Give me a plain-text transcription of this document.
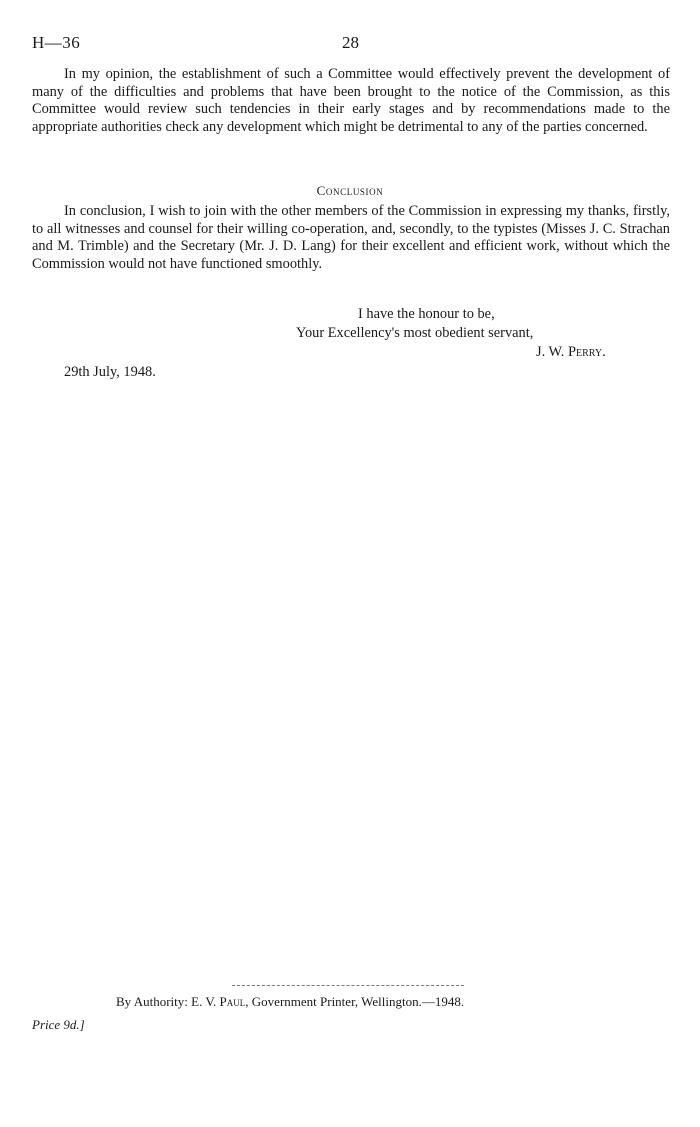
H—36	28

In my opinion, the establishment of such a Committee would effectively prevent the development of many of the difficulties and problems that have been brought to the notice of the Commission, as this Committee would review such tendencies in their early stages and by recommendations made to the appropriate authorities check any development which might be detrimental to any of the parties concerned.

Conclusion

In conclusion, I wish to join with the other members of the Commission in expressing my thanks, firstly, to all witnesses and counsel for their willing co-operation, and, secondly, to the typistes (Misses J. C. Strachan and M. Trimble) and the Secretary (Mr. J. D. Lang) for their excellent and efficient work, without which the Commission would not have functioned smoothly.

I have the honour to be,
Your Excellency's most obedient servant,
J. W. Perry.
29th July, 1948.
By Authority: E. V. Paul, Government Printer, Wellington.—1948.
Price 9d.]
